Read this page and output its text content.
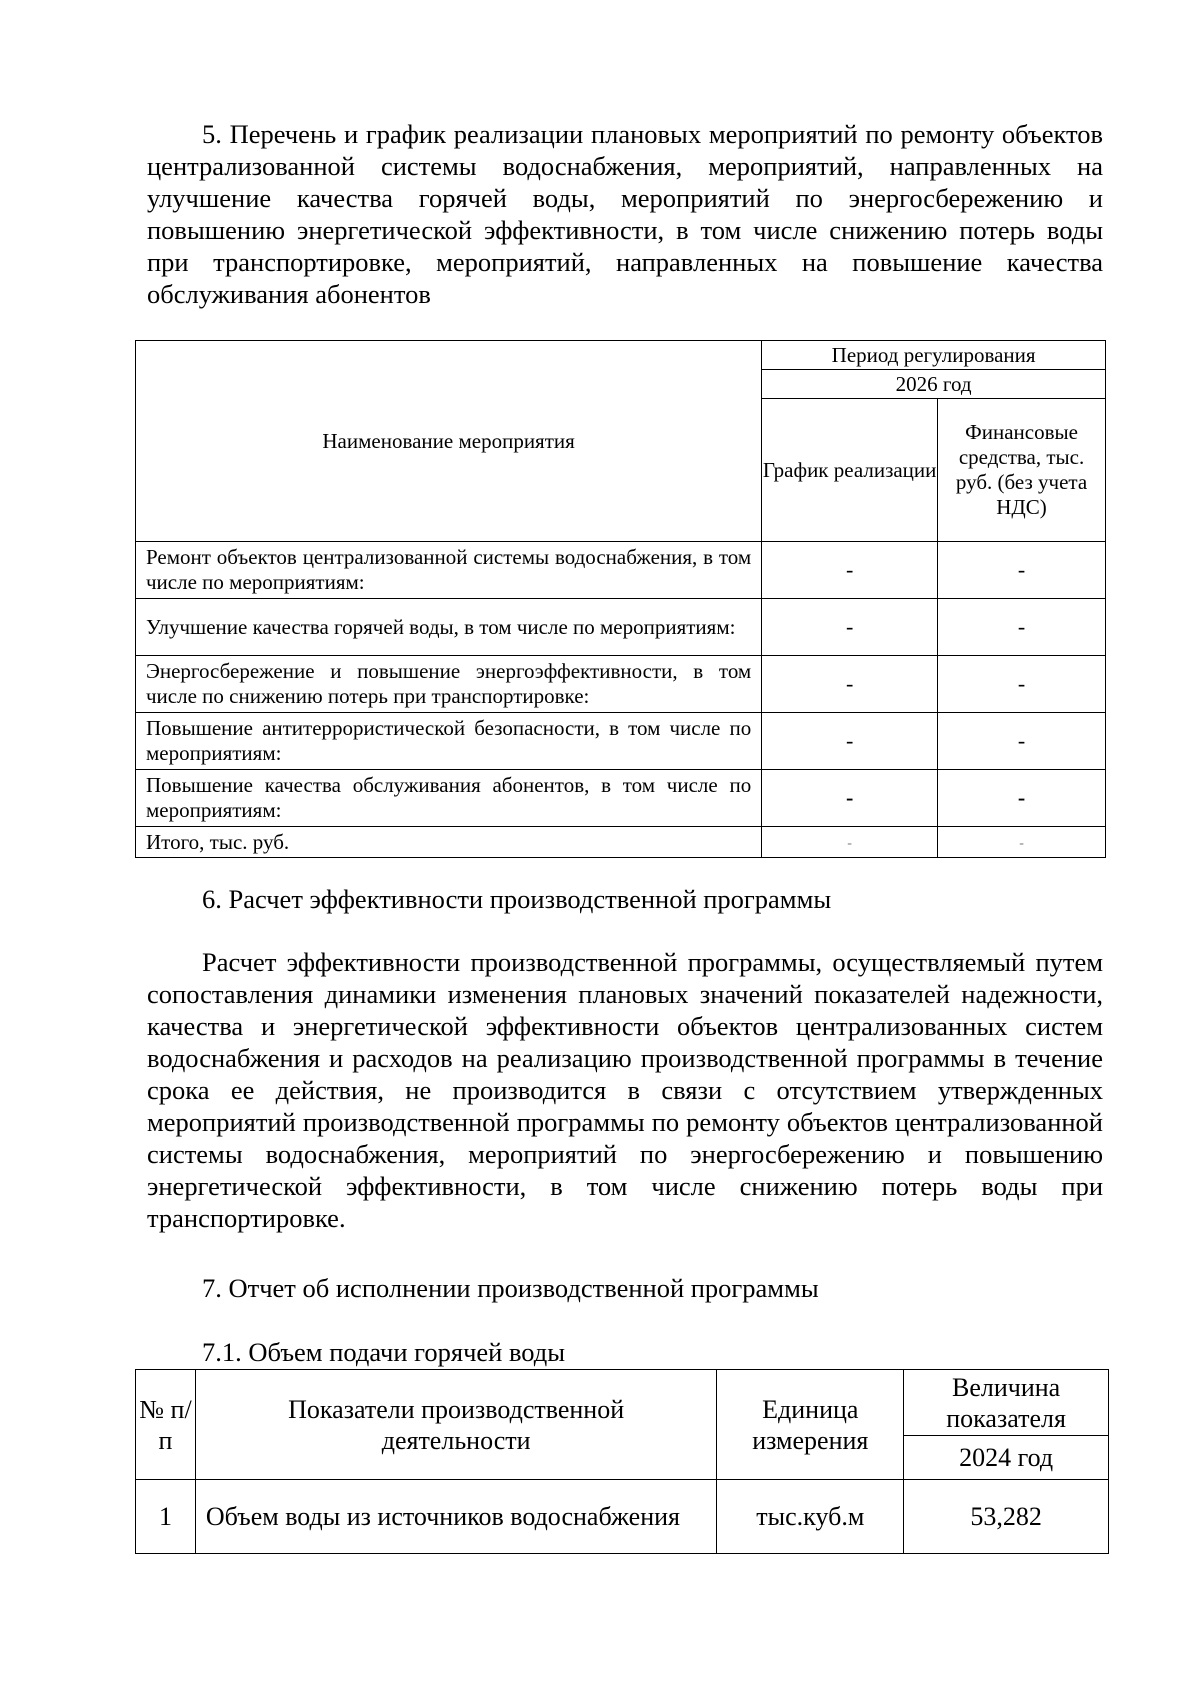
5. Перечень и график реализации плановых мероприятий по ремонту объектов централизованной системы водоснабжения, мероприятий, направленных на улучшение качества горячей воды, мероприятий по энергосбережению и повышению энергетической эффективности, в том числе снижению потерь воды при транспортировке, мероприятий, направленных на повышение качества обслуживания абонентов
Наименование мероприятия	Период регулирования	
	2026 год	
	График реализации	Финансовые средства, тыс. руб. (без учета НДС)
Ремонт объектов централизованной системы водоснабжения, в том числе по мероприятиям:	-	-
Улучшение качества горячей воды, в том числе по мероприятиям:	-	-
Энергосбережение и повышение энергоэффективности, в том числе по снижению потерь при транспортировке:	-	-
Повышение антитеррористической безопасности, в том числе по мероприятиям:	-	-
Повышение качества обслуживания абонентов, в том числе по мероприятиям:	-	-
Итого, тыс. руб.	-	-
6. Расчет эффективности производственной программы
Расчет эффективности производственной программы, осуществляемый путем сопоставления динамики изменения плановых значений показателей надежности, качества и энергетической эффективности объектов централизованных систем водоснабжения и расходов на реализацию производственной программы в течение срока ее действия, не производится в связи с отсутствием утвержденных мероприятий производственной программы по ремонту объектов централизованной системы водоснабжения, мероприятий по энергосбережению и повышению энергетической эффективности, в том числе снижению потерь воды при транспортировке.
7. Отчет об исполнении производственной программы
7.1. Объем подачи горячей воды
№ п/п	Показатели производственной деятельности	Единица измерения	Величина показателя
			2024 год
1	Объем воды из источников водоснабжения	тыс.куб.м	53,282
